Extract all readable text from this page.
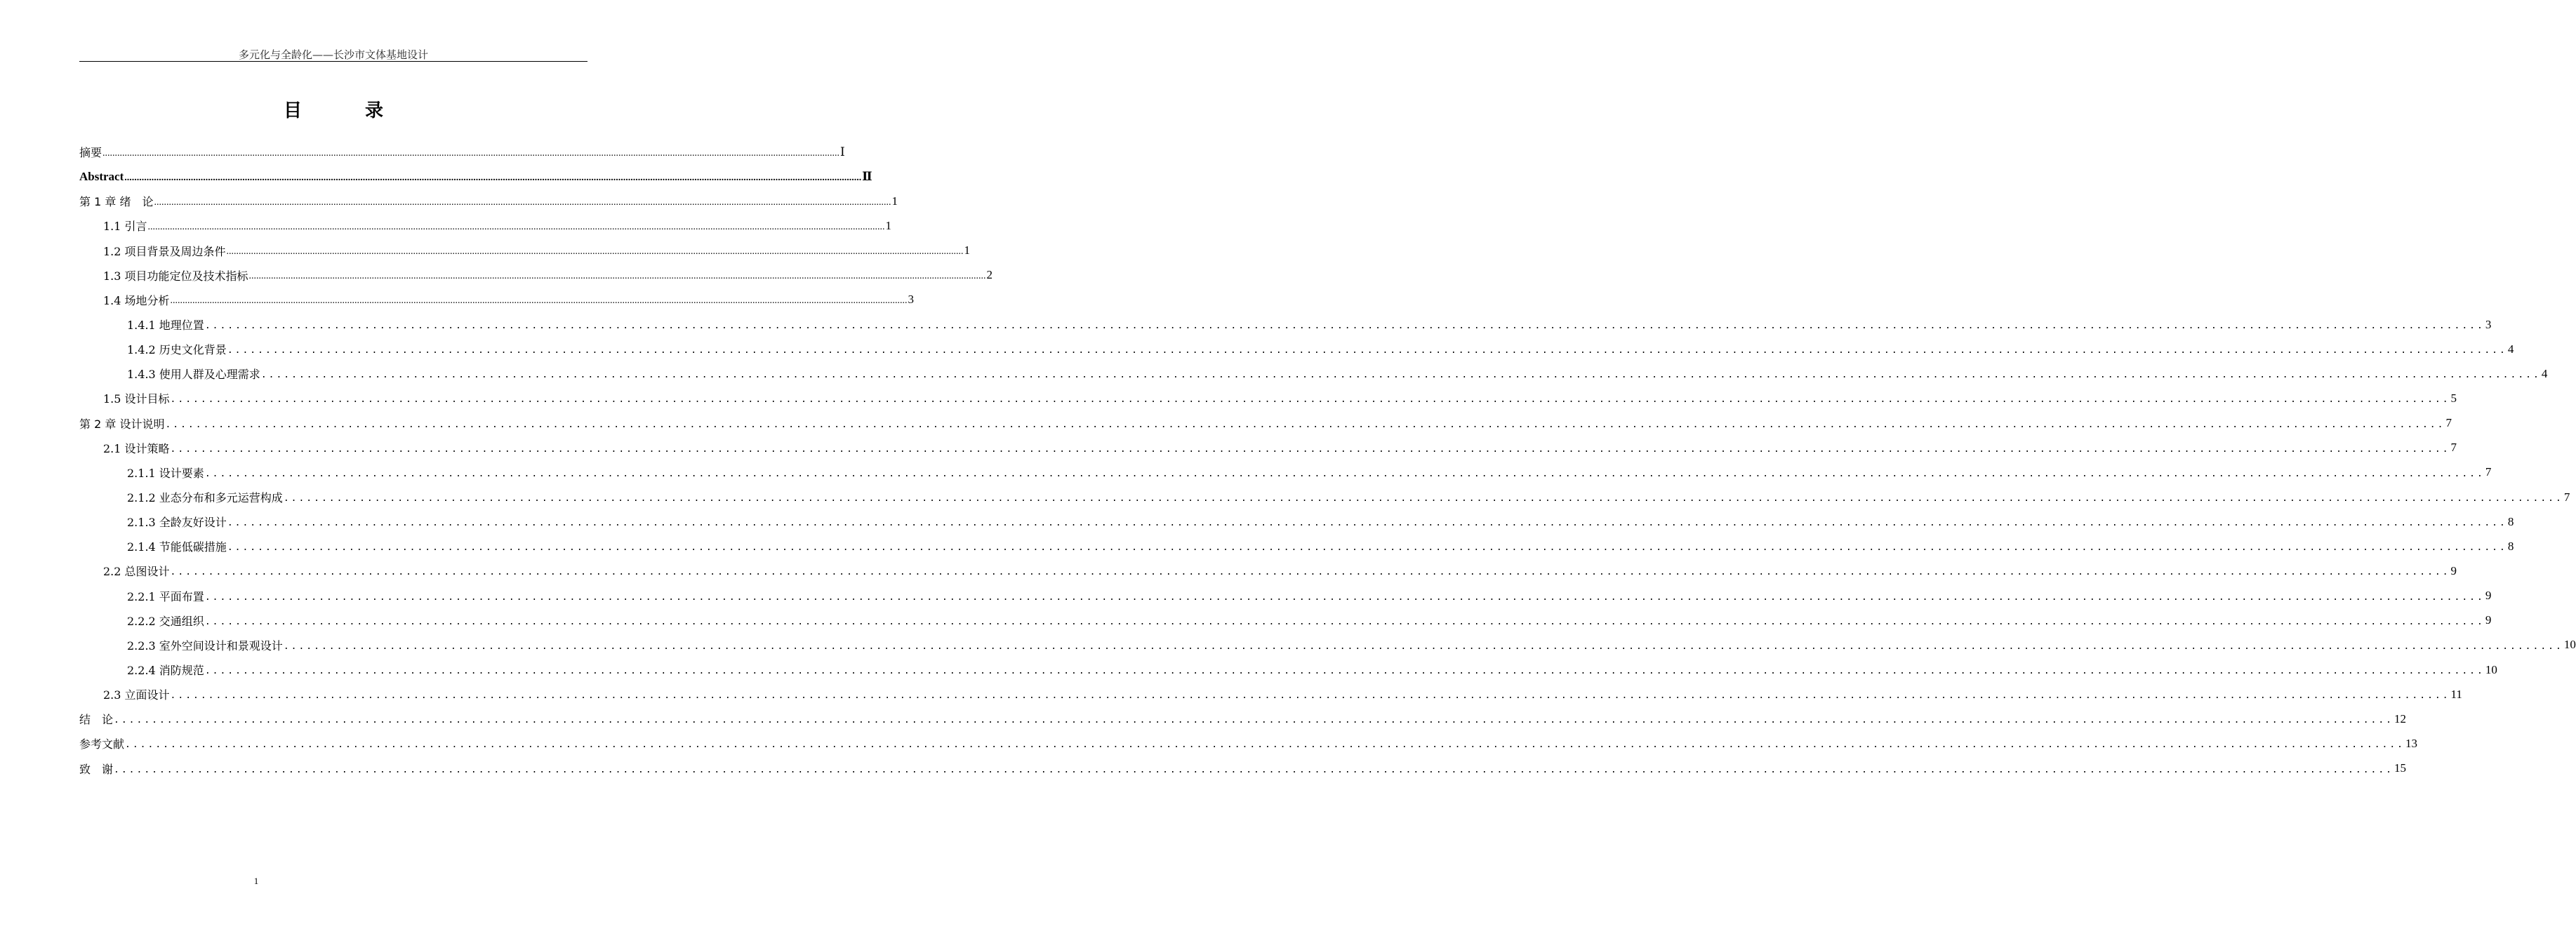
多元化与全龄化——长沙市文体基地设计
目　录
摘要 ............................................................................................................................................................................................................................................................................................................ Ⅰ
Abstract ............................................................................................................................................................................................................................................................................................................ Ⅱ
第 1 章 绪　论 ............................................................................................................................................................................................................................................................................................................ 1
1.1 引言 ............................................................................................................................................................................................................................................................................................................ 1
1.2 项目背景及周边条件 ............................................................................................................................................................................................................................................................................................................ 1
1.3 项目功能定位及技术指标 ............................................................................................................................................................................................................................................................................................................ 2
1.4 场地分析 ............................................................................................................................................................................................................................................................................................................ 3
1.4.1 地理位置 ............................................................................................................................................................................................................................................................................................................ 3
1.4.2 历史文化背景 ............................................................................................................................................................................................................................................................................................................ 4
1.4.3 使用人群及心理需求 ............................................................................................................................................................................................................................................................................................................ 4
1.5 设计目标 ............................................................................................................................................................................................................................................................................................................ 5
第 2 章 设计说明 ............................................................................................................................................................................................................................................................................................................ 7
2.1 设计策略 ............................................................................................................................................................................................................................................................................................................ 7
2.1.1 设计要素 ............................................................................................................................................................................................................................................................................................................ 7
2.1.2 业态分布和多元运营构成 ............................................................................................................................................................................................................................................................................................................ 7
2.1.3 全龄友好设计 ............................................................................................................................................................................................................................................................................................................ 8
2.1.4 节能低碳措施 ............................................................................................................................................................................................................................................................................................................ 8
2.2 总图设计 ............................................................................................................................................................................................................................................................................................................ 9
2.2.1 平面布置 ............................................................................................................................................................................................................................................................................................................ 9
2.2.2 交通组织 ............................................................................................................................................................................................................................................................................................................ 9
2.2.3 室外空间设计和景观设计 ............................................................................................................................................................................................................................................................................................................ 10
2.2.4 消防规范 ............................................................................................................................................................................................................................................................................................................ 10
2.3 立面设计 ............................................................................................................................................................................................................................................................................................................ 11
结　论 ............................................................................................................................................................................................................................................................................................................ 12
参考文献 ............................................................................................................................................................................................................................................................................................................ 13
致　谢 ............................................................................................................................................................................................................................................................................................................ 15
1
